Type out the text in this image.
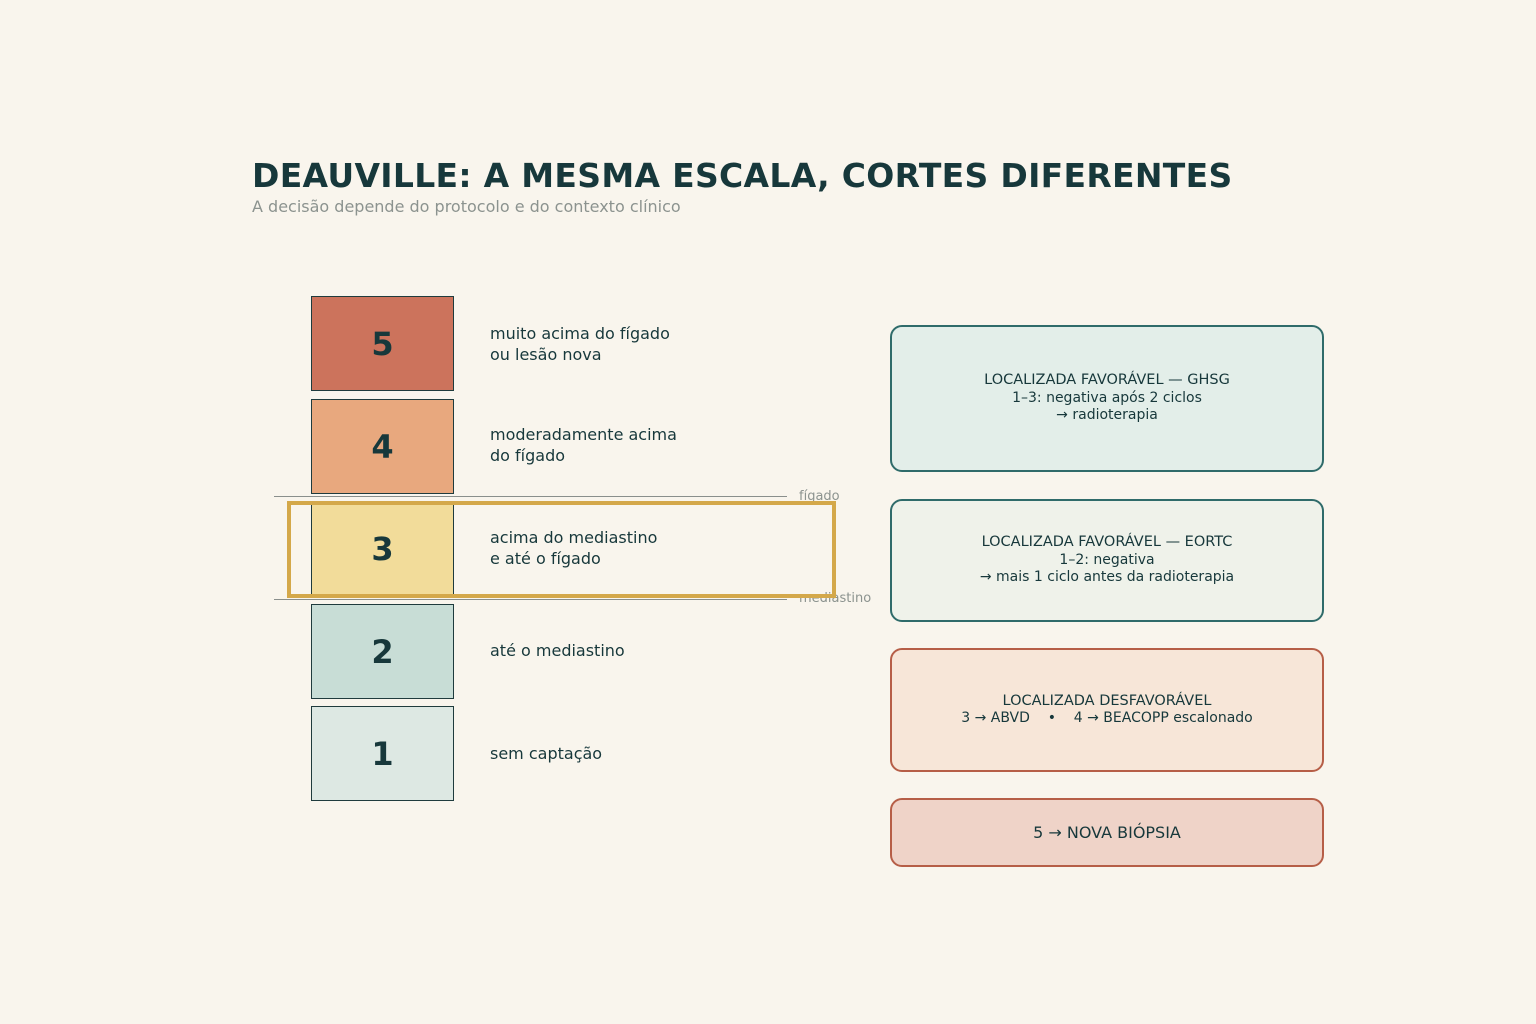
DEAUVILLE: A MESMA ESCALA, CORTES DIFERENTES
A decisão depende do protocolo e do contexto clínico
5	muito acima do fígado
ou lesão nova
4	moderadamente acima
do fígado
3	acima do mediastino
e até o fígado
2	até o mediastino
1	sem captação
fígado
mediastino
LOCALIZADA FAVORÁVEL — GHSG
1–3: negativa após 2 ciclos
→ radioterapia
LOCALIZADA FAVORÁVEL — EORTC
1–2: negativa
→ mais 1 ciclo antes da radioterapia
LOCALIZADA DESFAVORÁVEL
3 → ABVD    •    4 → BEACOPP escalonado
5 → NOVA BIÓPSIA
